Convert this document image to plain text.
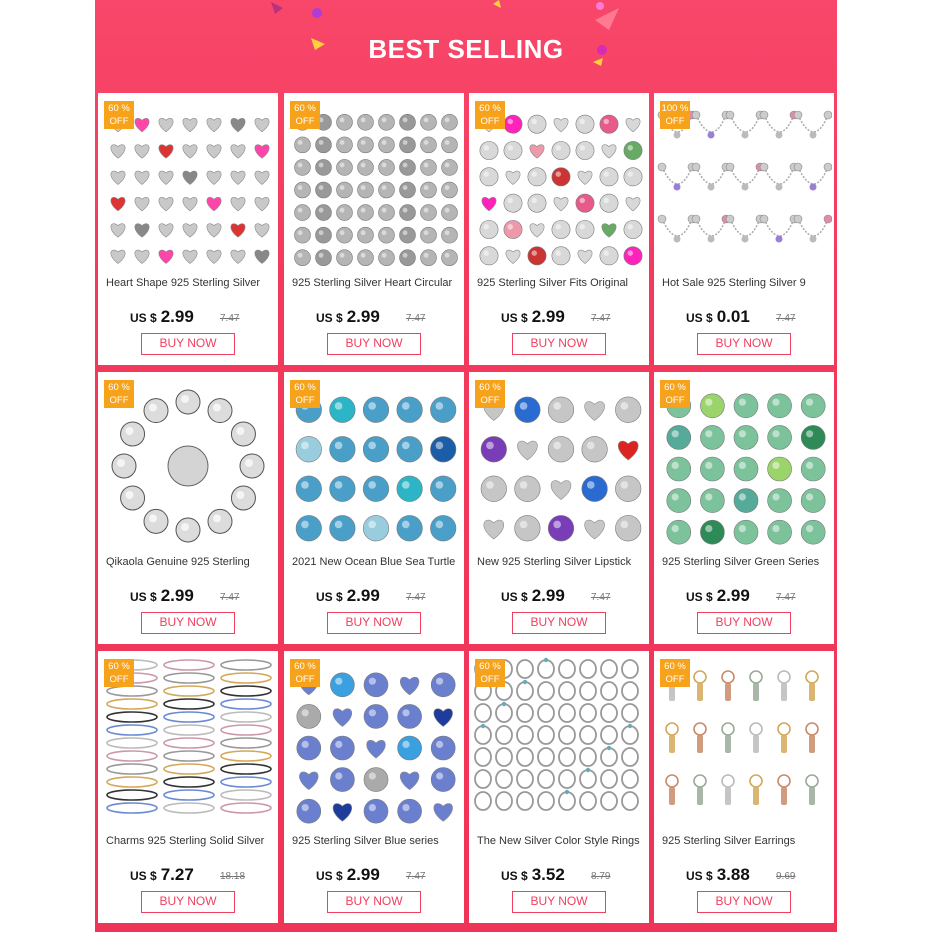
BEST SELLING
60 %
OFF
Heart Shape 925 Sterling Silver
US $ 2.99	7.47
BUY NOW
60 %
OFF
925 Sterling Silver Heart Circular
US $ 2.99	7.47
BUY NOW
60 %
OFF
925 Sterling Silver Fits Original
US $ 2.99	7.47
BUY NOW
100 %
OFF
Hot Sale 925 Sterling Silver 9
US $ 0.01	7.47
BUY NOW
60 %
OFF
Qikaola Genuine 925 Sterling
US $ 2.99	7.47
BUY NOW
60 %
OFF
2021 New Ocean Blue Sea Turtle
US $ 2.99	7.47
BUY NOW
60 %
OFF
New 925 Sterling Silver Lipstick
US $ 2.99	7.47
BUY NOW
60 %
OFF
925 Sterling Silver Green Series
US $ 2.99	7.47
BUY NOW
60 %
OFF
Charms 925 Sterling Solid Silver
US $ 7.27	18.18
BUY NOW
60 %
OFF
925 Sterling Silver Blue series
US $ 2.99	7.47
BUY NOW
60 %
OFF
The New Silver Color Style Rings
US $ 3.52	8.79
BUY NOW
60 %
OFF
925 Sterling Silver Earrings
US $ 3.88	9.69
BUY NOW
